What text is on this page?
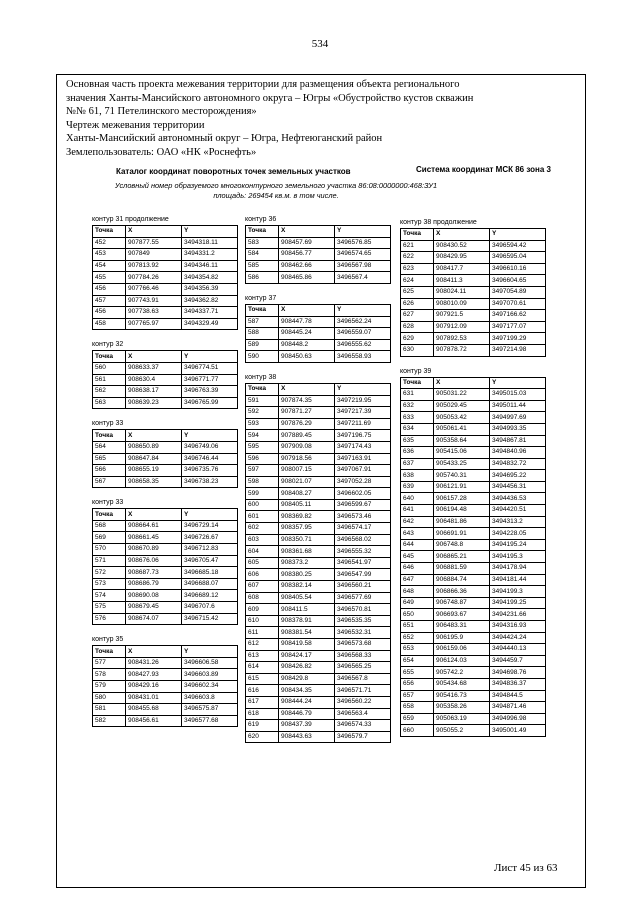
534
Основная часть проекта межевания территории для размещения объекта регионального
значения Ханты-Мансийского автономного округа – Югры «Обустройство кустов скважин
№№ 61, 71 Петелинского месторождения»
Чертеж межевания территории
Ханты-Мансийский автономный округ – Югра, Нефтеюганский район
Землепользователь: ОАО «НК «Роснефть»
Каталог координат поворотных точек земельных участков	Система координат МСК 86 зона 3
Условный номер образуемого многоконтурного земельного участка 86:08:0000000:468:ЗУ1
площадь: 269454 кв.м. в том числе.
контур 31 продолжение
Точка	X	Y
452	907877.55	3494318.11
453	907849	3494331.2
454	907813.92	3494346.11
455	907784.26	3494354.82
456	907766.46	3494356.39
457	907743.91	3494362.82
456	907738.63	3494337.71
458	907765.97	3494329.49
контур 32
Точка	X	Y
560	908633.37	3496774.51
561	908630.4	3496771.77
562	908638.17	3496763.39
563	908639.23	3496765.99
контур 33
Точка	X	Y
564	908650.89	3496749.06
565	908647.84	3496746.44
566	908655.19	3496735.76
567	908658.35	3496738.23
контур 33
Точка	X	Y
568	908664.61	3496729.14
569	908661.45	3496726.67
570	908670.89	3496712.83
571	908676.06	3496705.47
572	908687.73	3496685.18
573	908686.79	3496688.07
574	908690.08	3496689.12
575	908679.45	3496707.6
576	908674.07	3496715.42
контур 35
Точка	X	Y
577	908431.26	3496606.58
578	908427.93	3496603.89
579	908429.16	3496602.34
580	908431.01	3496603.8
581	908455.68	3496575.87
582	908456.61	3496577.68
контур 36
Точка	X	Y
583	908457.69	3496576.85
584	908456.77	3496574.65
585	908462.66	3496567.98
586	908465.86	3496567.4
контур 37
Точка	X	Y
587	908447.78	3496562.24
588	908445.24	3496559.07
589	908448.2	3496555.62
590	908450.63	3496558.93
контур 38
Точка	X	Y
591	907874.35	3497219.95
592	907871.27	3497217.39
593	907876.29	3497211.69
594	907889.45	3497196.75
595	907909.08	3497174.43
596	907918.56	3497163.91
597	908007.15	3497067.91
598	908021.07	3497052.28
599	908408.27	3496602.05
600	908405.11	3496599.67
601	908369.82	3496573.46
602	908357.95	3496574.17
603	908350.71	3496568.02
604	908361.68	3496555.32
605	908373.2	3496541.97
606	908380.25	3496547.99
607	908382.14	3496560.21
608	908405.54	3496577.69
609	908411.5	3496570.81
610	908378.91	3496535.35
611	908381.54	3496532.31
612	908419.58	3496573.68
613	908424.17	3496568.33
614	908426.82	3496565.25
615	908429.8	3496567.8
616	908434.35	3496571.71
617	908444.24	3496560.22
618	908446.79	3496563.4
619	908437.39	3496574.33
620	908443.63	3496579.7
контур 38 продолжение
Точка	X	Y
621	908430.52	3496594.42
622	908429.95	3496595.04
623	908417.7	3496610.16
624	908411.3	3496604.65
625	908024.11	3497054.89
626	908010.09	3497070.61
627	907921.5	3497166.62
628	907912.09	3497177.07
629	907892.53	3497199.29
630	907878.72	3497214.98
контур 39
Точка	X	Y
631	905031.22	3495015.03
632	905029.45	3495011.44
633	905053.42	3494997.69
634	905061.41	3494993.35
635	905358.64	3494867.81
636	905415.06	3494840.96
637	905433.25	3494832.72
638	905740.31	3494695.22
639	906121.91	3494456.31
640	906157.28	3494436.53
641	906194.48	3494420.51
642	906481.86	3494313.2
643	906691.91	3494228.05
644	906748.8	3494195.24
645	906865.21	3494195.3
646	906881.59	3494178.94
647	906884.74	3494181.44
648	906866.36	3494199.3
649	906748.87	3494199.25
650	906693.67	3494231.66
651	906483.31	3494316.93
652	906195.9	3494424.24
653	906159.06	3494440.13
654	906124.03	3494459.7
655	905742.2	3494698.76
656	905434.68	3494836.37
657	905416.73	3494844.5
658	905358.26	3494871.46
659	905063.19	3494996.98
660	905055.2	3495001.49
Лист 45 из 63
